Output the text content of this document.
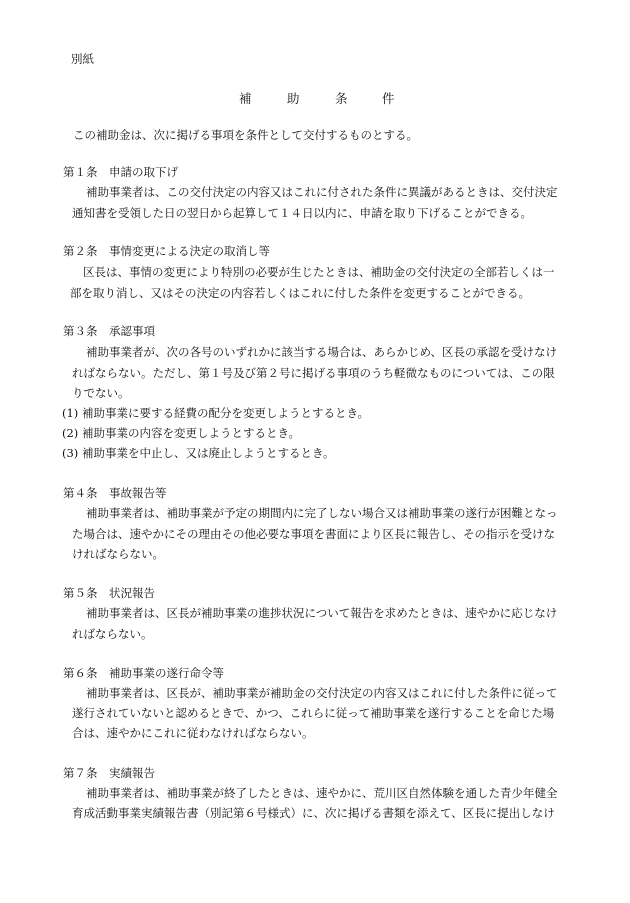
別紙
補	助	条	件
この補助金は、次に掲げる事項を条件として交付するものとする。
第１条　申請の取下げ
補助事業者は、この交付決定の内容又はこれに付された条件に異議があるときは、交付決定
通知書を受領した日の翌日から起算して１４日以内に、申請を取り下げることができる。
第２条　事情変更による決定の取消し等
区長は、事情の変更により特別の必要が生じたときは、補助金の交付決定の全部若しくは一
部を取り消し、又はその決定の内容若しくはこれに付した条件を変更することができる。
第３条　承認事項
補助事業者が、次の各号のいずれかに該当する場合は、あらかじめ、区長の承認を受けなけ
ればならない。ただし、第１号及び第２号に掲げる事項のうち軽微なものについては、この限
りでない。
(1) 補助事業に要する経費の配分を変更しようとするとき。
(2) 補助事業の内容を変更しようとするとき。
(3) 補助事業を中止し、又は廃止しようとするとき。
第４条　事故報告等
補助事業者は、補助事業が予定の期間内に完了しない場合又は補助事業の遂行が困難となっ
た場合は、速やかにその理由その他必要な事項を書面により区長に報告し、その指示を受けな
ければならない。
第５条　状況報告
補助事業者は、区長が補助事業の進捗状況について報告を求めたときは、速やかに応じなけ
ればならない。
第６条　補助事業の遂行命令等
補助事業者は、区長が、補助事業が補助金の交付決定の内容又はこれに付した条件に従って
遂行されていないと認めるときで、かつ、これらに従って補助事業を遂行することを命じた場
合は、速やかにこれに従わなければならない。
第７条　実績報告
補助事業者は、補助事業が終了したときは、速やかに、荒川区自然体験を通した青少年健全
育成活動事業実績報告書（別記第６号様式）に、次に掲げる書類を添えて、区長に提出しなけ
